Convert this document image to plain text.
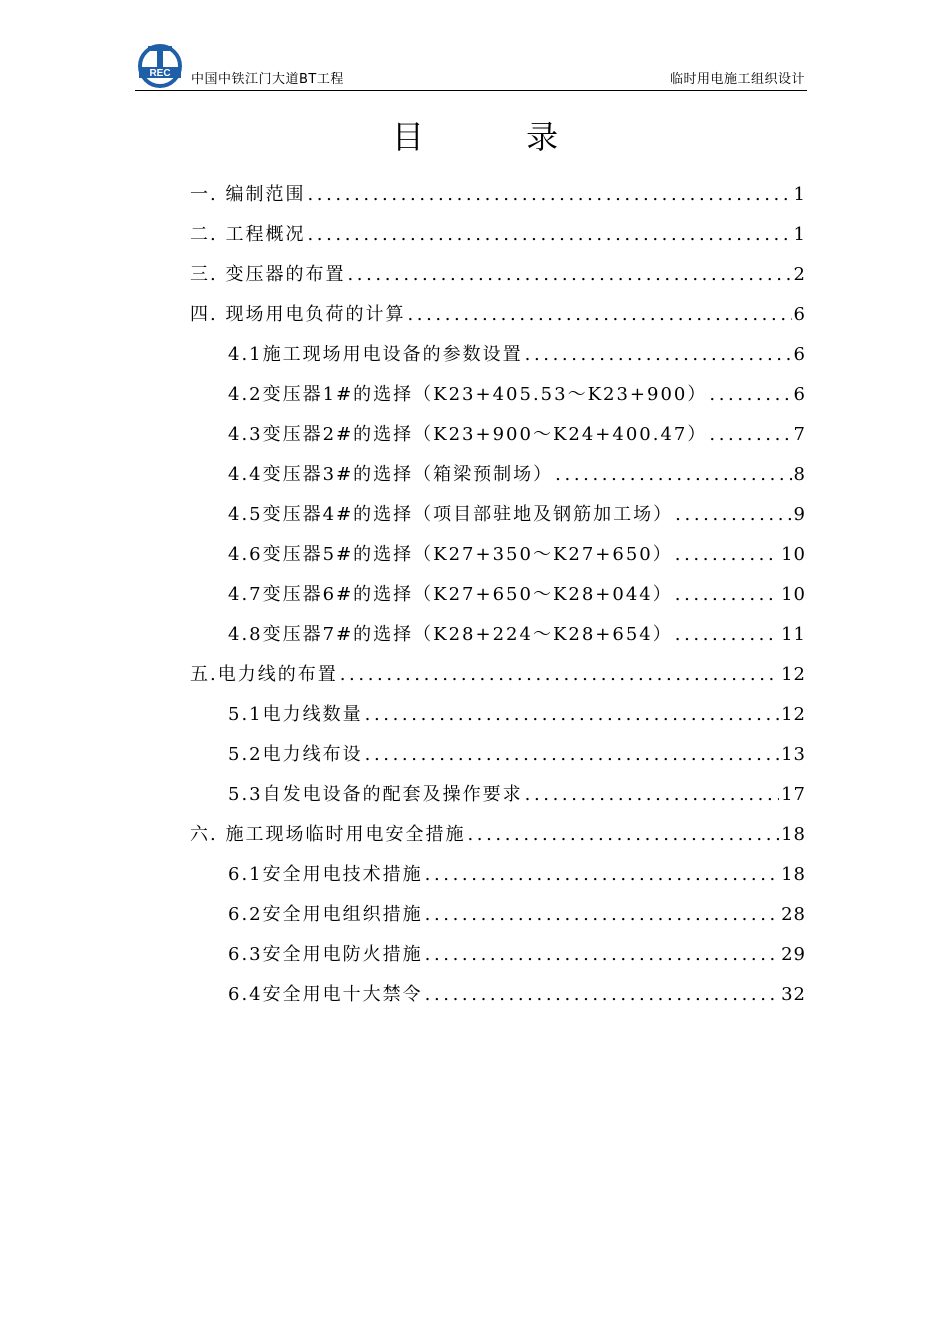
REC 中国中铁江门大道BT工程	临时用电施工组织设计
目 录
一. 编制范围 .....	1
二. 工程概况 .....	1
三. 变压器的布置 .....	2
四. 现场用电负荷的计算 .....	6
4.1施工现场用电设备的参数设置 .....	6
4.2变压器1#的选择（K23+405.53～K23+900） .....	6
4.3变压器2#的选择（K23+900～K24+400.47） .....	7
4.4变压器3#的选择（箱梁预制场） .....	8
4.5变压器4#的选择（项目部驻地及钢筋加工场） .....	9
4.6变压器5#的选择（K27+350～K27+650） .....	10
4.7变压器6#的选择（K27+650～K28+044） .....	10
4.8变压器7#的选择（K28+224～K28+654） .....	11
五.电力线的布置 .....	12
5.1电力线数量 .....	12
5.2电力线布设 .....	13
5.3自发电设备的配套及操作要求 .....	17
六. 施工现场临时用电安全措施 .....	18
6.1安全用电技术措施 .....	18
6.2安全用电组织措施 .....	28
6.3安全用电防火措施 .....	29
6.4安全用电十大禁令 .....	32
